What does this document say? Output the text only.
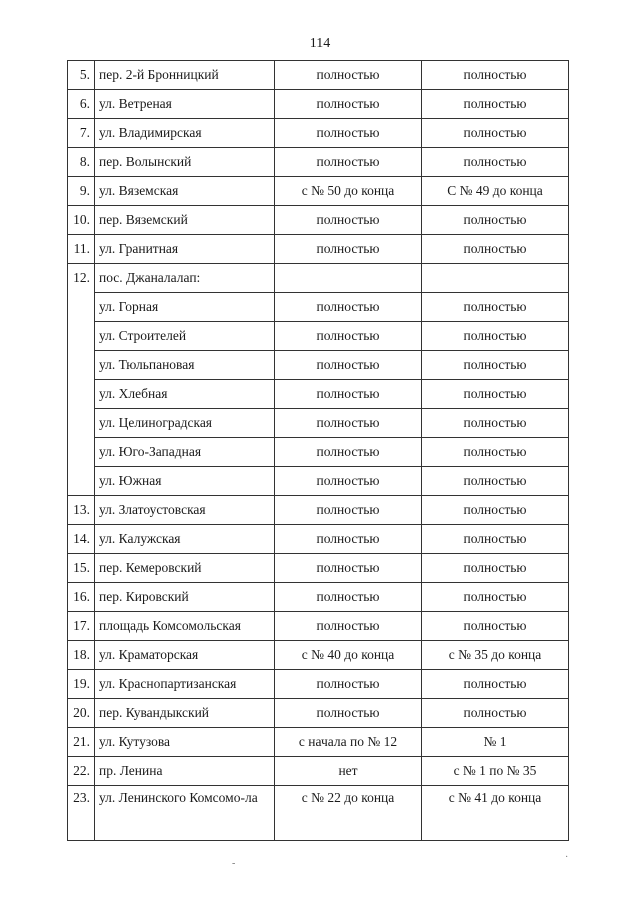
114
5.	пер. 2-й Бронницкий	полностью	полностью
6.	ул. Ветреная	полностью	полностью
7.	ул. Владимирская	полностью	полностью
8.	пер. Волынский	полностью	полностью
9.	ул. Вяземская	с № 50 до конца	С № 49 до конца
10.	пер. Вяземский	полностью	полностью
11.	ул. Гранитная	полностью	полностью
12.	пос. Джаналалап:		
	ул. Горная	полностью	полностью
	ул. Строителей	полностью	полностью
	ул. Тюльпановая	полностью	полностью
	ул. Хлебная	полностью	полностью
	ул. Целиноградская	полностью	полностью
	ул. Юго-Западная	полностью	полностью
	ул. Южная	полностью	полностью
13.	ул. Златоустовская	полностью	полностью
14.	ул. Калужская	полностью	полностью
15.	пер. Кемеровский	полностью	полностью
16.	пер. Кировский	полностью	полностью
17.	площадь Комсомольская	полностью	полностью
18.	ул. Краматорская	с № 40 до конца	с № 35 до конца
19.	ул. Краснопартизанская	полностью	полностью
20.	пер. Кувандыкский	полностью	полностью
21.	ул. Кутузова	с начала по № 12	№ 1
22.	пр. Ленина	нет	с № 1 по № 35
23.	ул. Ленинского Комсомо-ла	с № 22 до конца	с № 41 до конца
-
·
